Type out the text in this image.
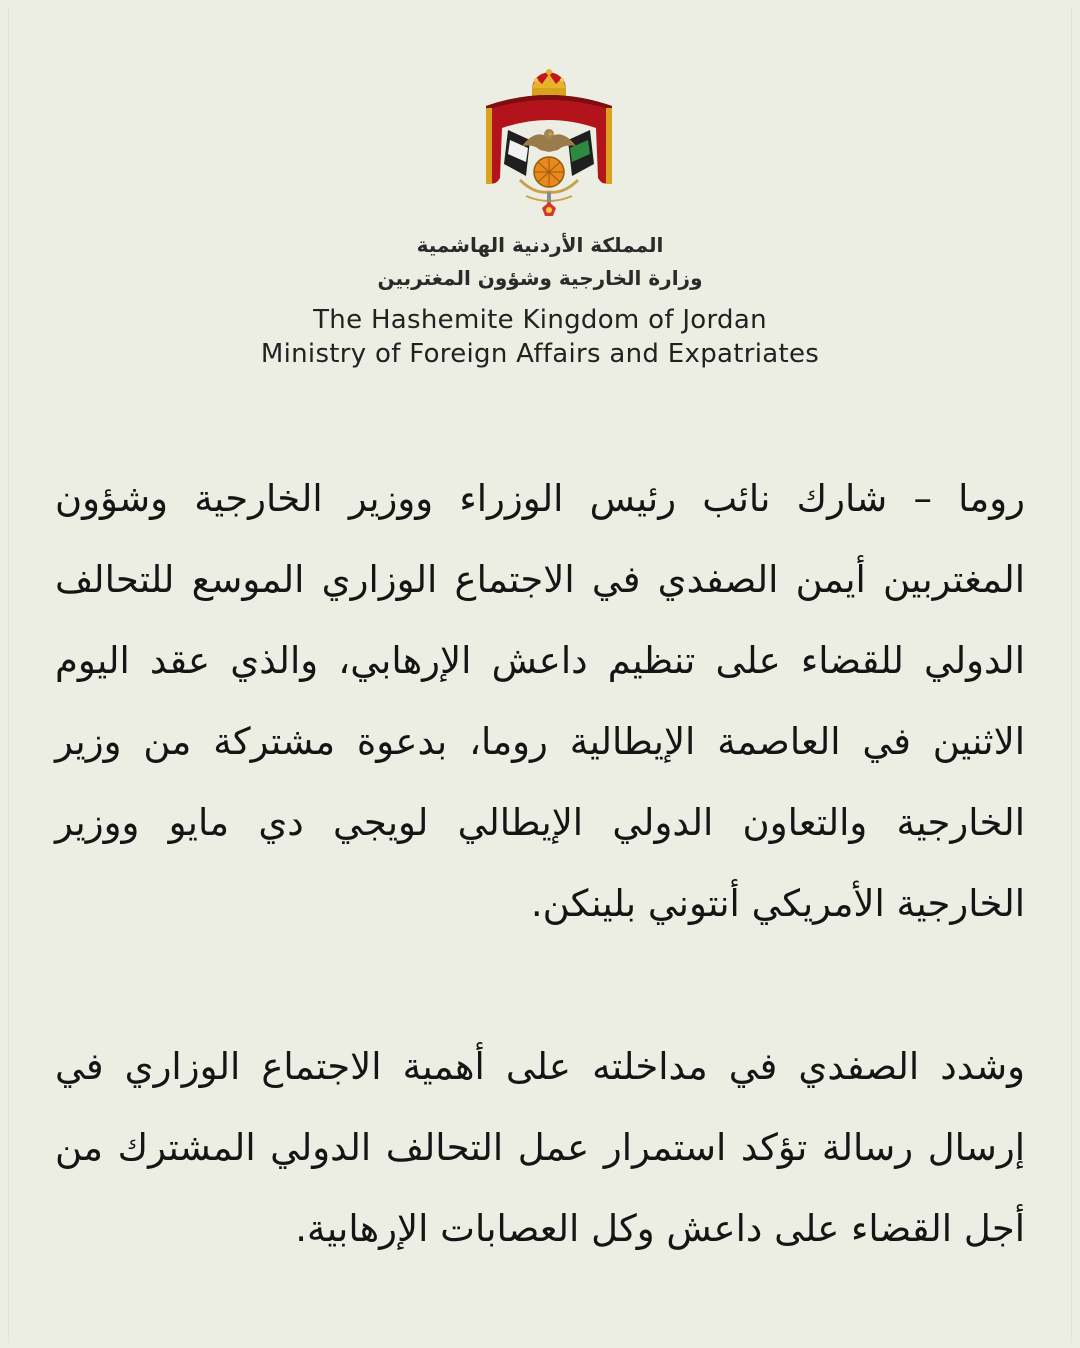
المملكة الأردنية الهاشمية
وزارة الخارجية وشؤون المغتربين
The Hashemite Kingdom of Jordan
Ministry of Foreign Affairs and Expatriates

روما – شارك نائب رئيس الوزراء ووزير الخارجية وشؤون المغتربين أيمن الصفدي في الاجتماع الوزاري الموسع للتحالف الدولي للقضاء على تنظيم داعش الإرهابي، والذي عقد اليوم الاثنين في العاصمة الإيطالية روما، بدعوة مشتركة من وزير الخارجية والتعاون الدولي الإيطالي لويجي دي مايو ووزير الخارجية الأمريكي أنتوني بلينكن.

وشدد الصفدي في مداخلته على أهمية الاجتماع الوزاري في إرسال رسالة تؤكد استمرار عمل التحالف الدولي المشترك من أجل القضاء على داعش وكل العصابات الإرهابية.
